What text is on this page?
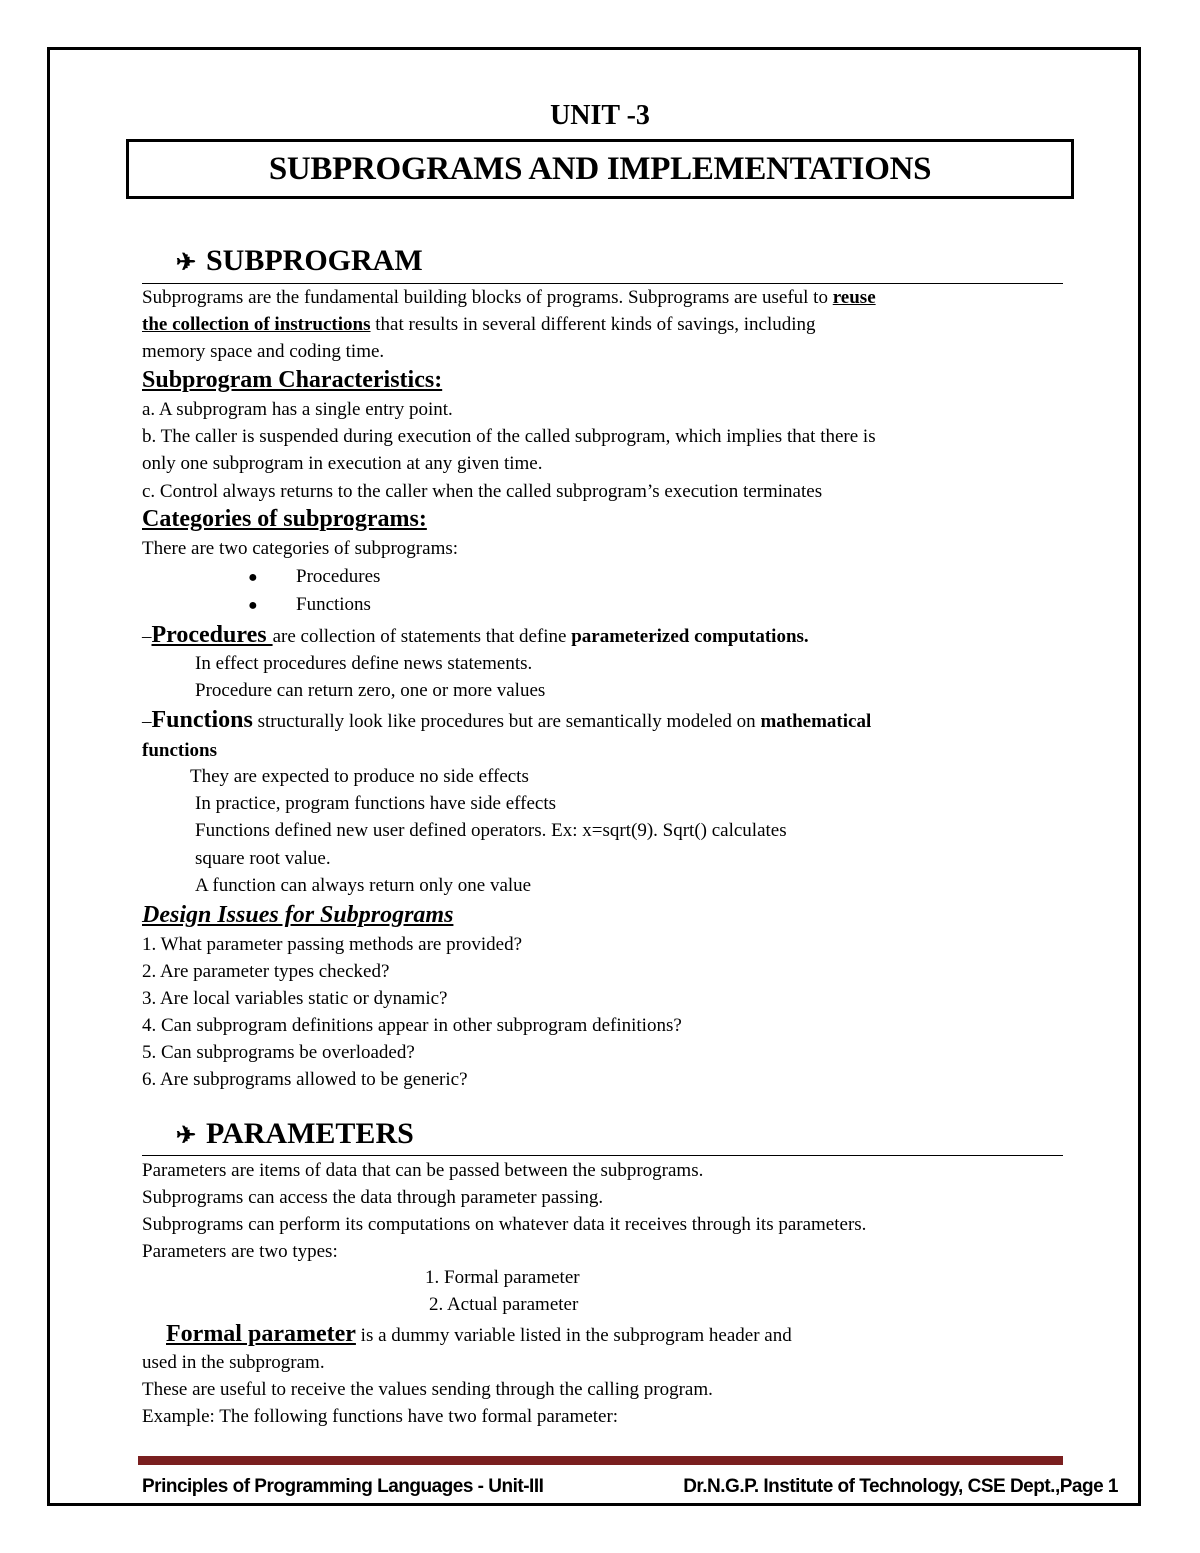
UNIT -3
SUBPROGRAMS AND IMPLEMENTATIONS
✈ SUBPROGRAM
Subprograms are the fundamental building blocks of programs. Subprograms are useful to reuse
the collection of instructions that results in several different kinds of savings, including
memory space and coding time.
Subprogram Characteristics:
a. A subprogram has a single entry point.
b. The caller is suspended during execution of the called subprogram, which implies that there is
only one subprogram in execution at any given time.
c. Control always returns to the caller when the called subprogram’s execution terminates
Categories of subprograms:
There are two categories of subprograms:
● Procedures
● Functions
–Procedures are collection of statements that define parameterized computations.
In effect procedures define news statements.
Procedure can return zero, one or more values
–Functions structurally look like procedures but are semantically modeled on mathematical
functions
They are expected to produce no side effects
In practice, program functions have side effects
Functions defined new user defined operators. Ex: x=sqrt(9). Sqrt() calculates
square root value.
A function can always return only one value
Design Issues for Subprograms
1. What parameter passing methods are provided?
2. Are parameter types checked?
3. Are local variables static or dynamic?
4. Can subprogram definitions appear in other subprogram definitions?
5. Can subprograms be overloaded?
6. Are subprograms allowed to be generic?
✈ PARAMETERS
Parameters are items of data that can be passed between the subprograms.
Subprograms can access the data through parameter passing.
Subprograms can perform its computations on whatever data it receives through its parameters.
Parameters are two types:
1. Formal parameter
2. Actual parameter
Formal parameter is a dummy variable listed in the subprogram header and
used in the subprogram.
These are useful to receive the values sending through the calling program.
Example: The following functions have two formal parameter:
Principles of Programming Languages - Unit-III	Dr.N.G.P. Institute of Technology, CSE Dept.,Page 1
